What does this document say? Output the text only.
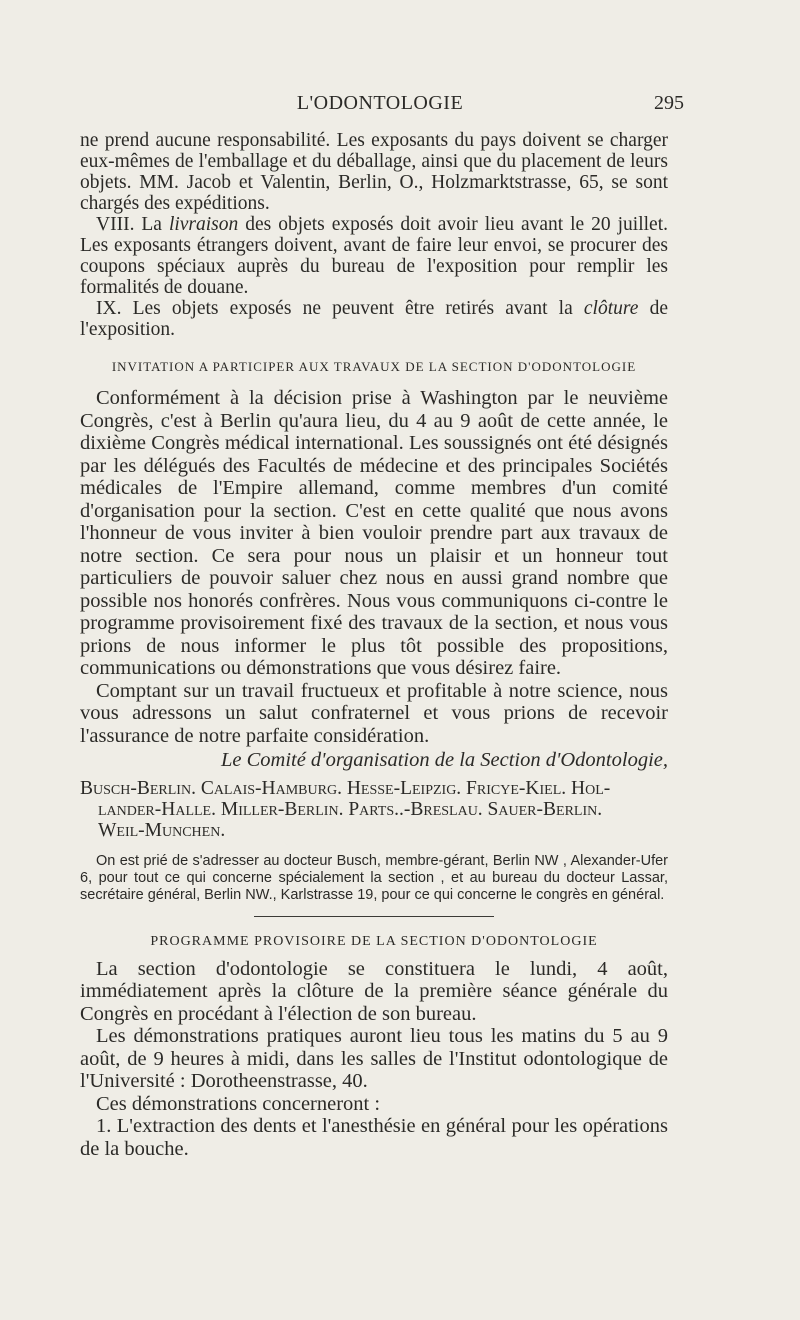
L'ODONTOLOGIE	295

ne prend aucune responsabilité. Les exposants du pays doivent se charger eux-mêmes de l'emballage et du déballage, ainsi que du placement de leurs objets. MM. Jacob et Valentin, Berlin, O., Holzmarktstrasse, 65, se sont chargés des expéditions.

VIII. La livraison des objets exposés doit avoir lieu avant le 20 juillet. Les exposants étrangers doivent, avant de faire leur envoi, se procurer des coupons spéciaux auprès du bureau de l'exposition pour remplir les formalités de douane.

IX. Les objets exposés ne peuvent être retirés avant la clôture de l'exposition.

INVITATION A PARTICIPER AUX TRAVAUX DE LA SECTION D'ODONTOLOGIE

Conformément à la décision prise à Washington par le neuvième Congrès, c'est à Berlin qu'aura lieu, du 4 au 9 août de cette année, le dixième Congrès médical international. Les soussignés ont été désignés par les délégués des Facultés de médecine et des principales Sociétés médicales de l'Empire allemand, comme membres d'un comité d'organisation pour la section. C'est en cette qualité que nous avons l'honneur de vous inviter à bien vouloir prendre part aux travaux de notre section. Ce sera pour nous un plaisir et un honneur tout particuliers de pouvoir saluer chez nous en aussi grand nombre que possible nos honorés confrères. Nous vous communiquons ci-contre le programme provisoirement fixé des travaux de la section, et nous vous prions de nous informer le plus tôt possible des propositions, communications ou démonstrations que vous désirez faire.

Comptant sur un travail fructueux et profitable à notre science, nous vous adressons un salut confraternel et vous prions de recevoir l'assurance de notre parfaite considération.

Le Comité d'organisation de la Section d'Odontologie,

Busch-Berlin. Calais-Hamburg. Hesse-Leipzig. Fricye-Kiel. Hol-
lander-Halle. Miller-Berlin. Parts..-Breslau. Sauer-Berlin.
Weil-Munchen.

On est prié de s'adresser au docteur Busch, membre-gérant, Berlin NW , Alexander-Ufer 6, pour tout ce qui concerne spécialement la section , et au bureau du docteur Lassar, secrétaire général, Berlin NW., Karlstrasse 19, pour ce qui concerne le congrès en général.

PROGRAMME PROVISOIRE DE LA SECTION D'ODONTOLOGIE

La section d'odontologie se constituera le lundi, 4 août, immédiatement après la clôture de la première séance générale du Congrès en procédant à l'élection de son bureau.

Les démonstrations pratiques auront lieu tous les matins du 5 au 9 août, de 9 heures à midi, dans les salles de l'Institut odontologique de l'Université : Dorotheenstrasse, 40.

Ces démonstrations concerneront :

1. L'extraction des dents et l'anesthésie en général pour les opérations de la bouche.
